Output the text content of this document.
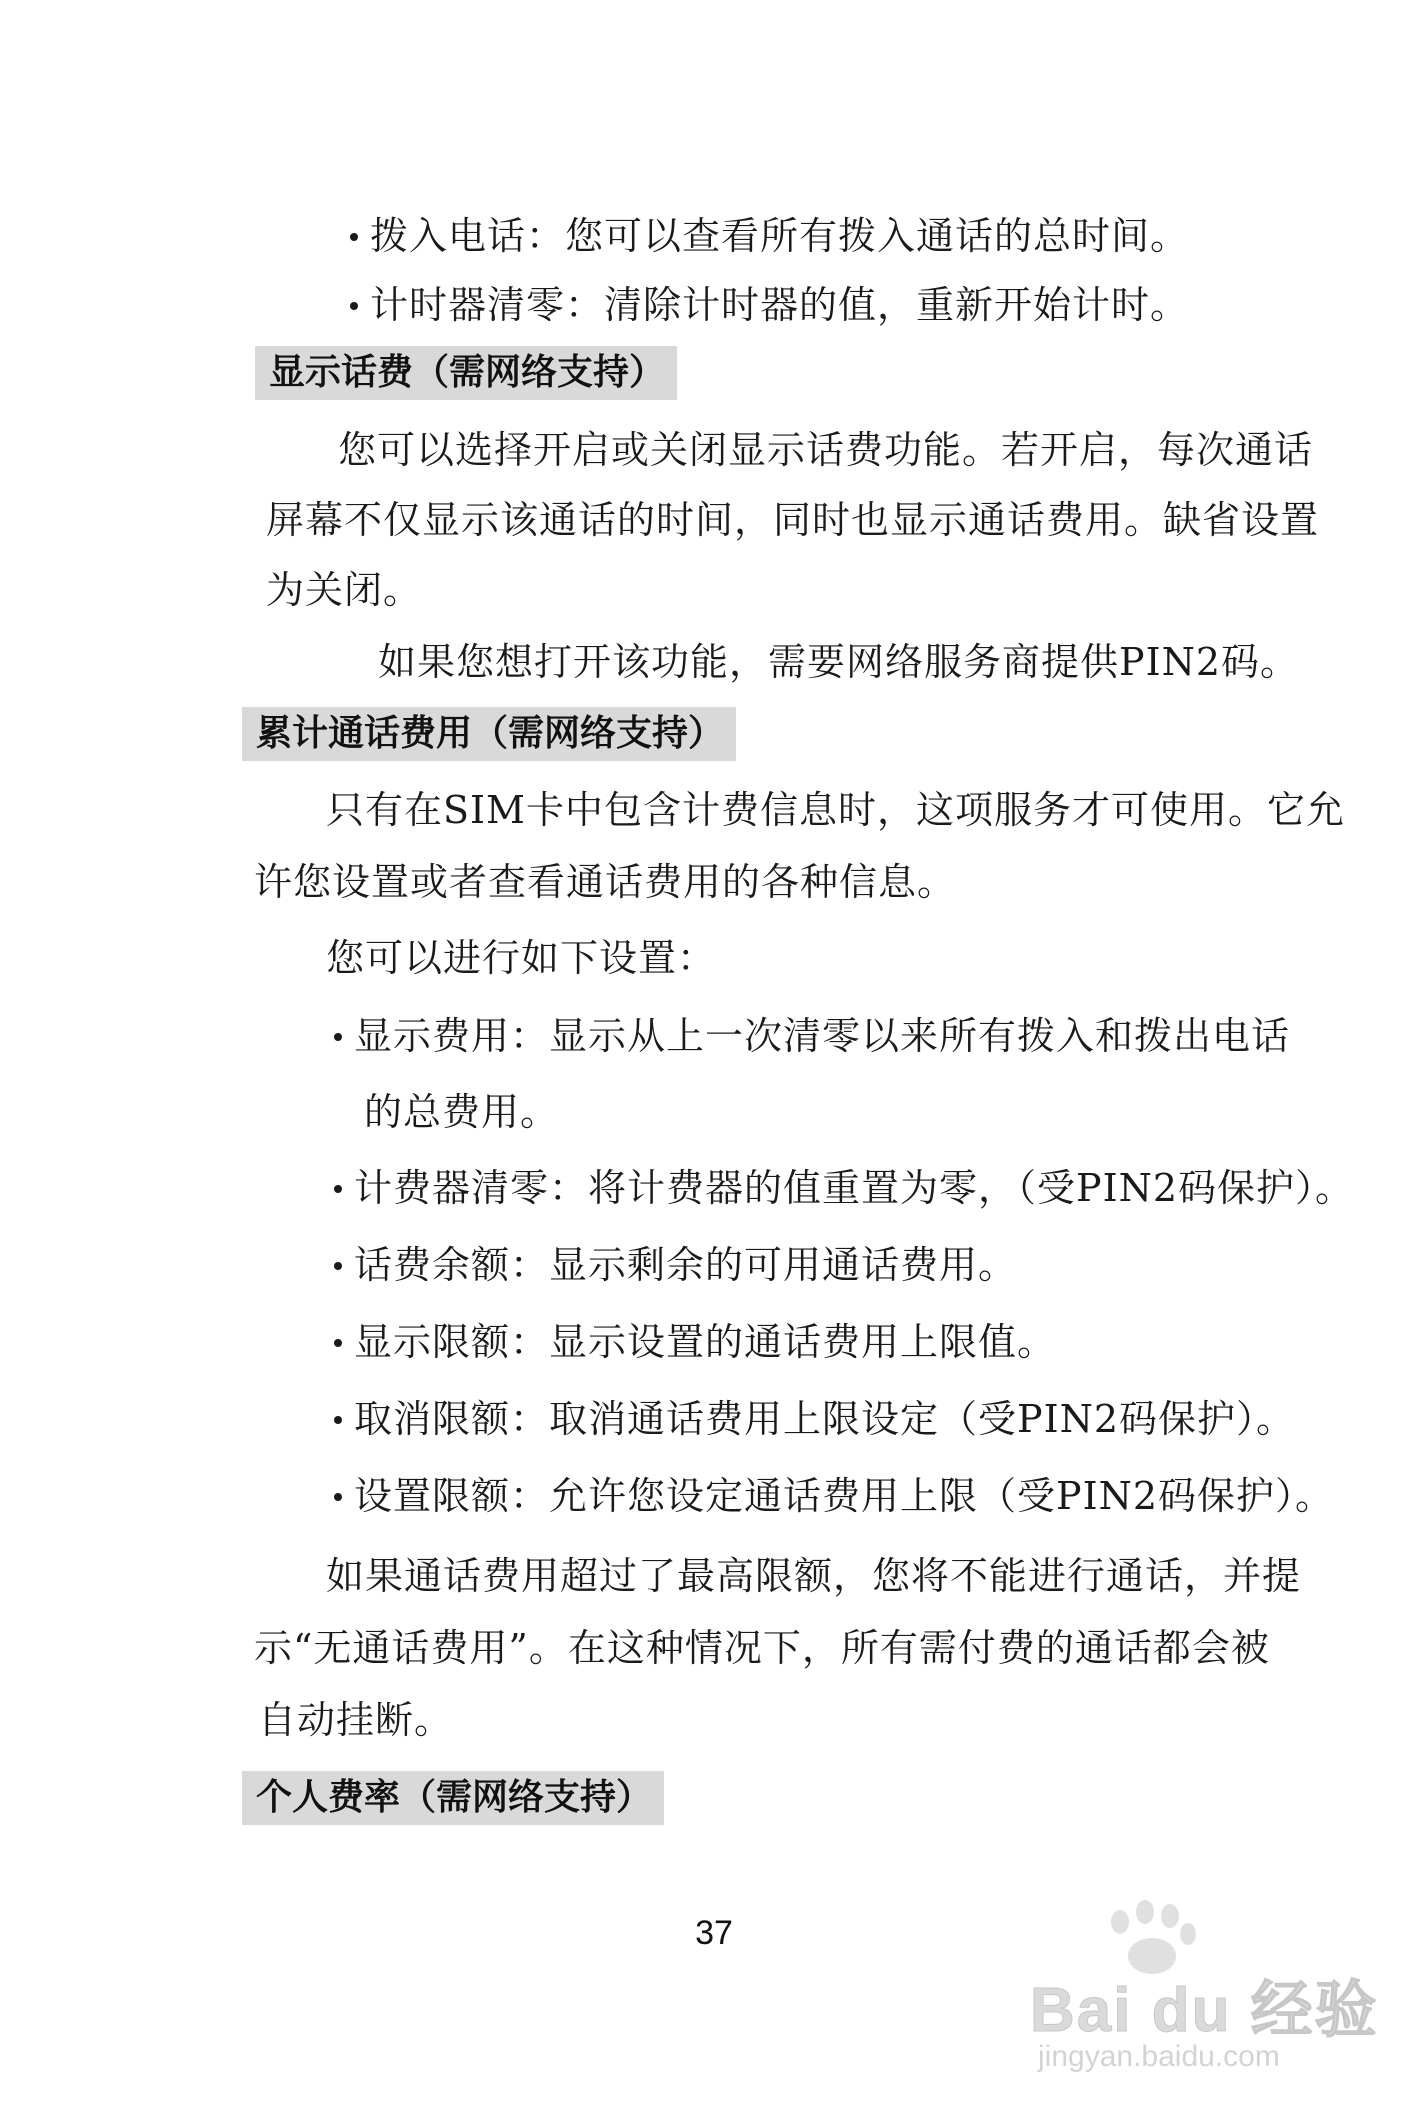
拨入电话：您可以查看所有拨入通话的总时间。
计时器清零：清除计时器的值，重新开始计时。
显示话费（需网络支持）
您可以选择开启或关闭显示话费功能。若开启，每次通话
屏幕不仅显示该通话的时间，同时也显示通话费用。缺省设置
为关闭。
如果您想打开该功能，需要网络服务商提供PIN2码。
累计通话费用（需网络支持）
只有在SIM卡中包含计费信息时，这项服务才可使用。它允
许您设置或者查看通话费用的各种信息。
您可以进行如下设置：
显示费用：显示从上一次清零以来所有拨入和拨出电话
的总费用。
计费器清零：将计费器的值重置为零，（受PIN2码保护）。
话费余额：显示剩余的可用通话费用。
显示限额：显示设置的通话费用上限值。
取消限额：取消通话费用上限设定（受PIN2码保护）。
设置限额：允许您设定通话费用上限（受PIN2码保护）。
如果通话费用超过了最高限额，您将不能进行通话，并提
示“无通话费用”。在这种情况下，所有需付费的通话都会被
自动挂断。
个人费率（需网络支持）
37
Bai du 经验
jingyan.baidu.com
